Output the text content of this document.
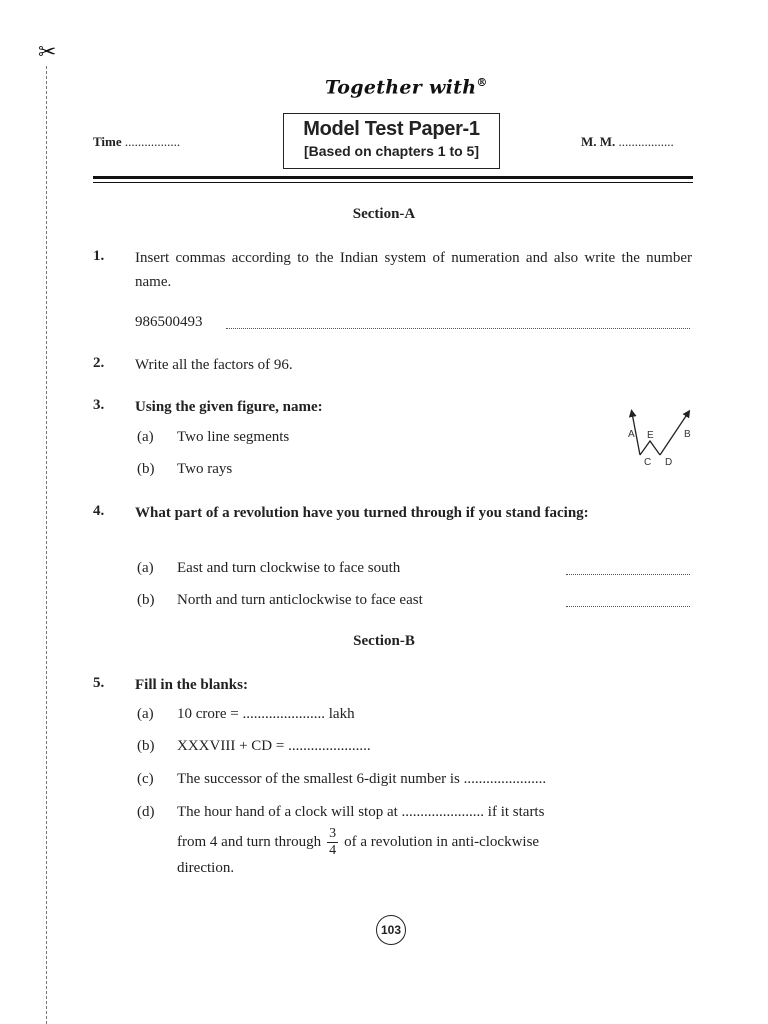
✂
Together with®
Time .................	M. M. .................
Model Test Paper-1
[Based on chapters 1 to 5]
Section-A
1. Insert commas according to the Indian system of numeration and also write the number name.
986500493
2. Write all the factors of 96.
3. Using the given figure, name:
(a) Two line segments
(b) Two rays
A E	B
C D
4. What part of a revolution have you turned through if you stand facing:
(a) East and turn clockwise to face south
(b) North and turn anticlockwise to face east
Section-B
5. Fill in the blanks:
(a) 10 crore = ...................... lakh
(b) XXXVIII + CD = ......................
(c) The successor of the smallest 6-digit number is ......................
(d) The hour hand of a clock will stop at ...................... if it starts
from 4 and turn through $\frac{3}{4}$ of a revolution in anti-clockwise
direction.
103
